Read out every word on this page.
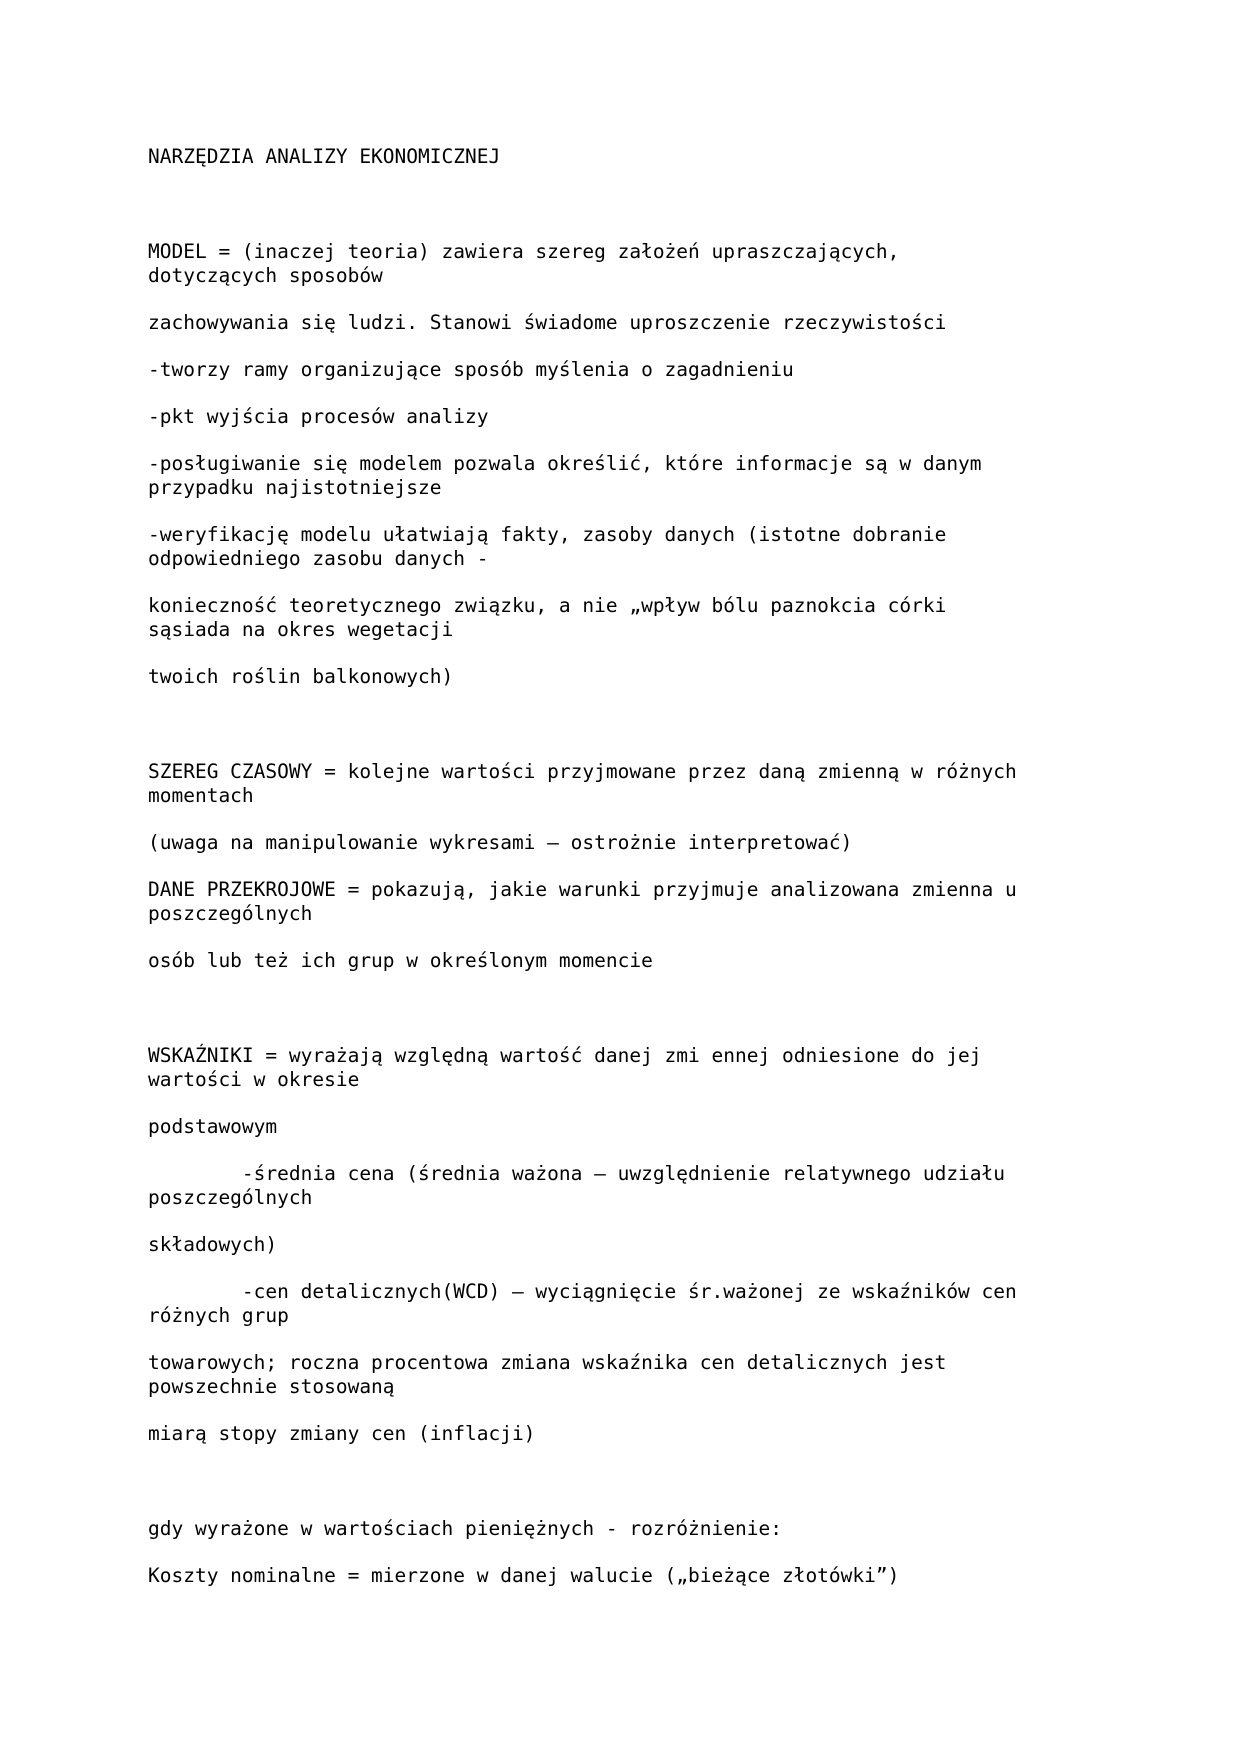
NARZĘDZIA ANALIZY EKONOMICZNEJ
MODEL = (inaczej teoria) zawiera szereg założeń upraszczających,
dotyczących sposobów
zachowywania się ludzi. Stanowi świadome uproszczenie rzeczywistości
-tworzy ramy organizujące sposób myślenia o zagadnieniu
-pkt wyjścia procesów analizy
-posługiwanie się modelem pozwala określić, które informacje są w danym
przypadku najistotniejsze
-weryfikację modelu ułatwiają fakty, zasoby danych (istotne dobranie
odpowiedniego zasobu danych -
konieczność teoretycznego związku, a nie „wpływ bólu paznokcia córki
sąsiada na okres wegetacji
twoich roślin balkonowych)
SZEREG CZASOWY = kolejne wartości przyjmowane przez daną zmienną w różnych
momentach
(uwaga na manipulowanie wykresami – ostrożnie interpretować)
DANE PRZEKROJOWE = pokazują, jakie warunki przyjmuje analizowana zmienna u
poszczególnych
osób lub też ich grup w określonym momencie
WSKAŹNIKI = wyrażają względną wartość danej zmi ennej odniesione do jej
wartości w okresie
podstawowym
-średnia cena (średnia ważona – uwzględnienie relatywnego udziału
poszczególnych
składowych)
-cen detalicznych(WCD) – wyciągnięcie śr.ważonej ze wskaźników cen
różnych grup
towarowych; roczna procentowa zmiana wskaźnika cen detalicznych jest
powszechnie stosowaną
miarą stopy zmiany cen (inflacji)
gdy wyrażone w wartościach pieniężnych - rozróżnienie:
Koszty nominalne = mierzone w danej walucie („bieżące złotówki”)
